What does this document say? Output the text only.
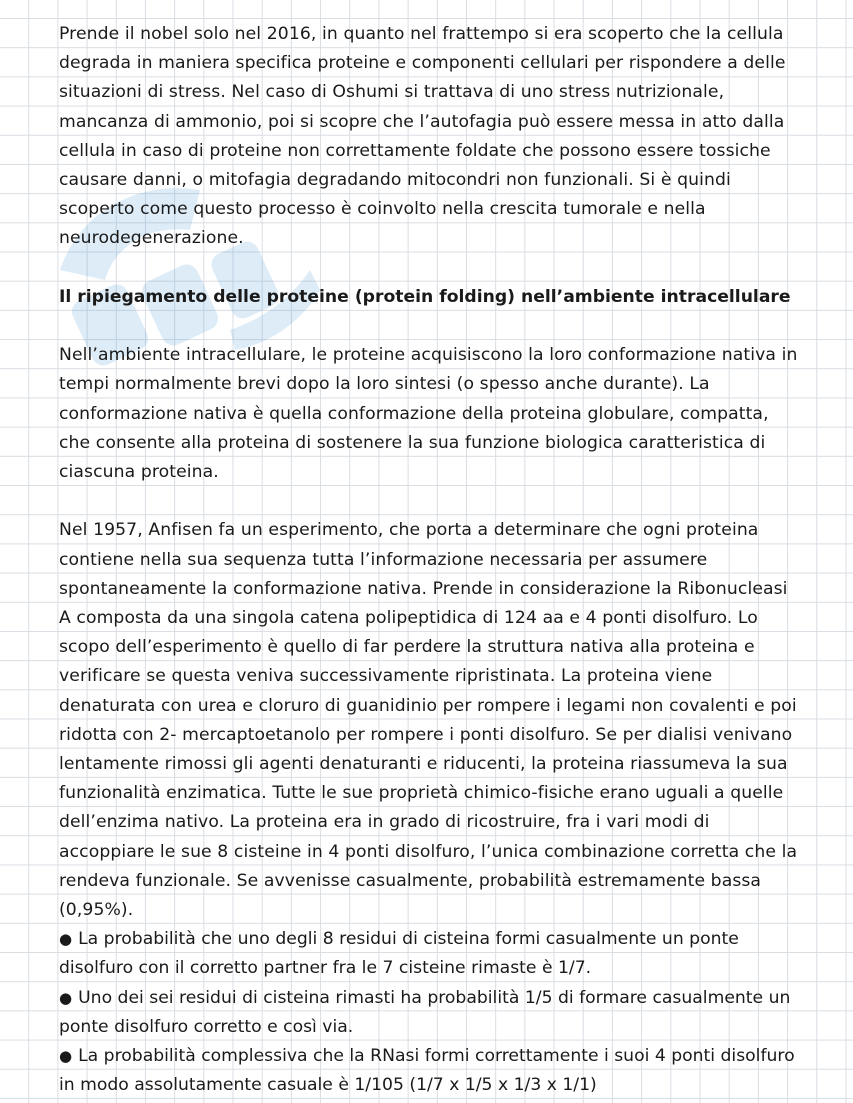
Prende il nobel solo nel 2016, in quanto nel frattempo si era scoperto che la cellula degrada in maniera specifica proteine e componenti cellulari per rispondere a delle situazioni di stress. Nel caso di Oshumi si trattava di uno stress nutrizionale, mancanza di ammonio, poi si scopre che l’autofagia può essere messa in atto dalla cellula in caso di proteine non correttamente foldate che possono essere tossiche causare danni, o mitofagia degradando mitocondri non funzionali. Si è quindi scoperto come questo processo è coinvolto nella crescita tumorale e nella neurodegenerazione.

Il ripiegamento delle proteine (protein folding) nell’ambiente intracellulare

Nell’ambiente intracellulare, le proteine acquisiscono la loro conformazione nativa in tempi normalmente brevi dopo la loro sintesi (o spesso anche durante). La conformazione nativa è quella conformazione della proteina globulare, compatta, che consente alla proteina di sostenere la sua funzione biologica caratteristica di ciascuna proteina.

Nel 1957, Anfisen fa un esperimento, che porta a determinare che ogni proteina contiene nella sua sequenza tutta l’informazione necessaria per assumere spontaneamente la conformazione nativa. Prende in considerazione la Ribonucleasi A composta da una singola catena polipeptidica di 124 aa e 4 ponti disolfuro. Lo scopo dell’esperimento è quello di far perdere la struttura nativa alla proteina e verificare se questa veniva successivamente ripristinata. La proteina viene denaturata con urea e cloruro di guanidinio per rompere i legami non covalenti e poi ridotta con 2- mercaptoetanolo per rompere i ponti disolfuro. Se per dialisi venivano lentamente rimossi gli agenti denaturanti e riducenti, la proteina riassumeva la sua funzionalità enzimatica. Tutte le sue proprietà chimico-fisiche erano uguali a quelle dell’enzima nativo. La proteina era in grado di ricostruire, fra i vari modi di accoppiare le sue 8 cisteine in 4 ponti disolfuro, l’unica combinazione corretta che la rendeva funzionale. Se avvenisse casualmente, probabilità estremamente bassa (0,95%).

● La probabilità che uno degli 8 residui di cisteina formi casualmente un ponte disolfuro con il corretto partner fra le 7 cisteine rimaste è 1/7.
● Uno dei sei residui di cisteina rimasti ha probabilità 1/5 di formare casualmente un ponte disolfuro corretto e così via.
● La probabilità complessiva che la RNasi formi correttamente i suoi 4 ponti disolfuro in modo assolutamente casuale è 1/105 (1/7 x 1/5 x 1/3 x 1/1)
